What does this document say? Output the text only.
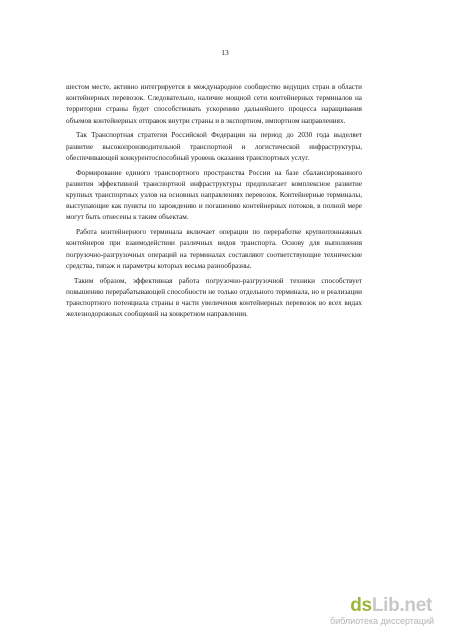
13

шестом месте, активно интегрируется в международное сообщество ведущих стран в области контейнерных перевозок. Следовательно, наличие мощной сети контейнерных терминалов на территории страны будет способствовать ускорению дальнейшего процесса наращивания объемов контейнерных отправок внутри страны и в экспортном, импортном направлениях.

Так Транспортная стратегия Российской Федерации на период до 2030 года выделяет развитие высокопроизводительной транспортной и логистической инфраструктуры, обеспечивающей конкурентоспособный уровень оказания транспортных услуг.

Формирование единого транспортного пространства России на базе сбалансированного развития эффективной транспортной инфраструктуры предполагает комплексное развитие крупных транспортных узлов на основных направлениях перевозок. Контейнерные терминалы, выступающие как пункты по зарождению и погашению контейнерных потоков, в полной мере могут быть отнесены к таким объектам.

Работа контейнерного терминала включает операции по переработке крупнотоннажных контейнеров при взаимодействии различных видов транспорта. Основу для выполнения погрузочно-разгрузочных операций на терминалах составляют соответствующие технические средства, типаж и параметры которых весьма разнообразны.

Таким образом, эффективная работа погрузочно-разгрузочной техники способствует повышению перерабатывающей способности не только отдельного терминала, но и реализации транспортного потенциала страны в части увеличения контейнерных перевозок во всех видах железнодорожных сообщений на конкретном направлении.

dsLib.net
библиотека диссертаций
